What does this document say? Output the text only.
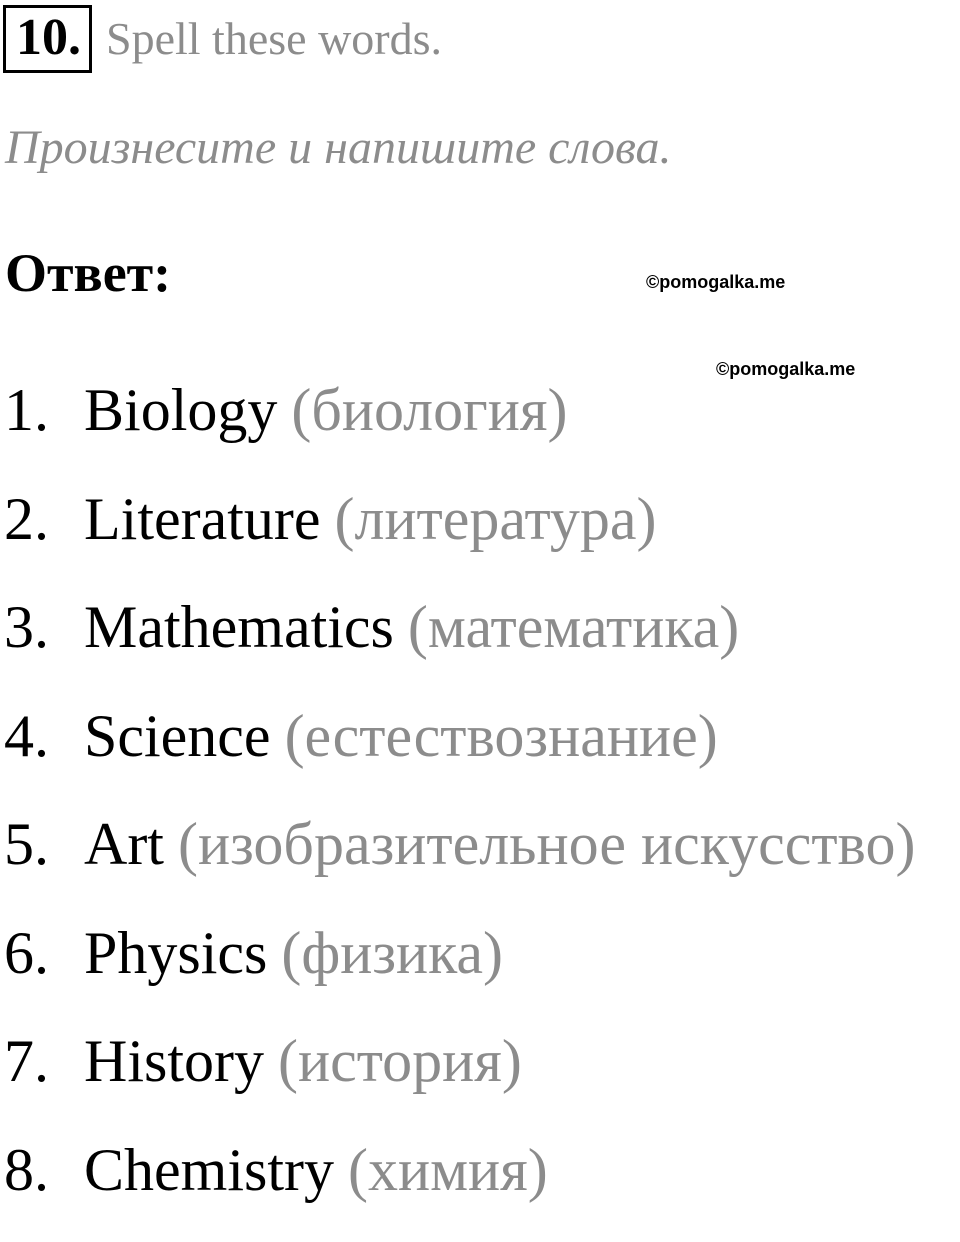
10. Spell these words.
Произнесите и напишите слова.
Ответ:	©pomogalka.me
©pomogalka.me
1. Biology (биология)
2. Literature (литература)
3. Mathematics (математика)
4. Science (естествознание)
5. Art (изобразительное искусство)
6. Physics (физика)
7. History (история)
8. Chemistry (химия)
